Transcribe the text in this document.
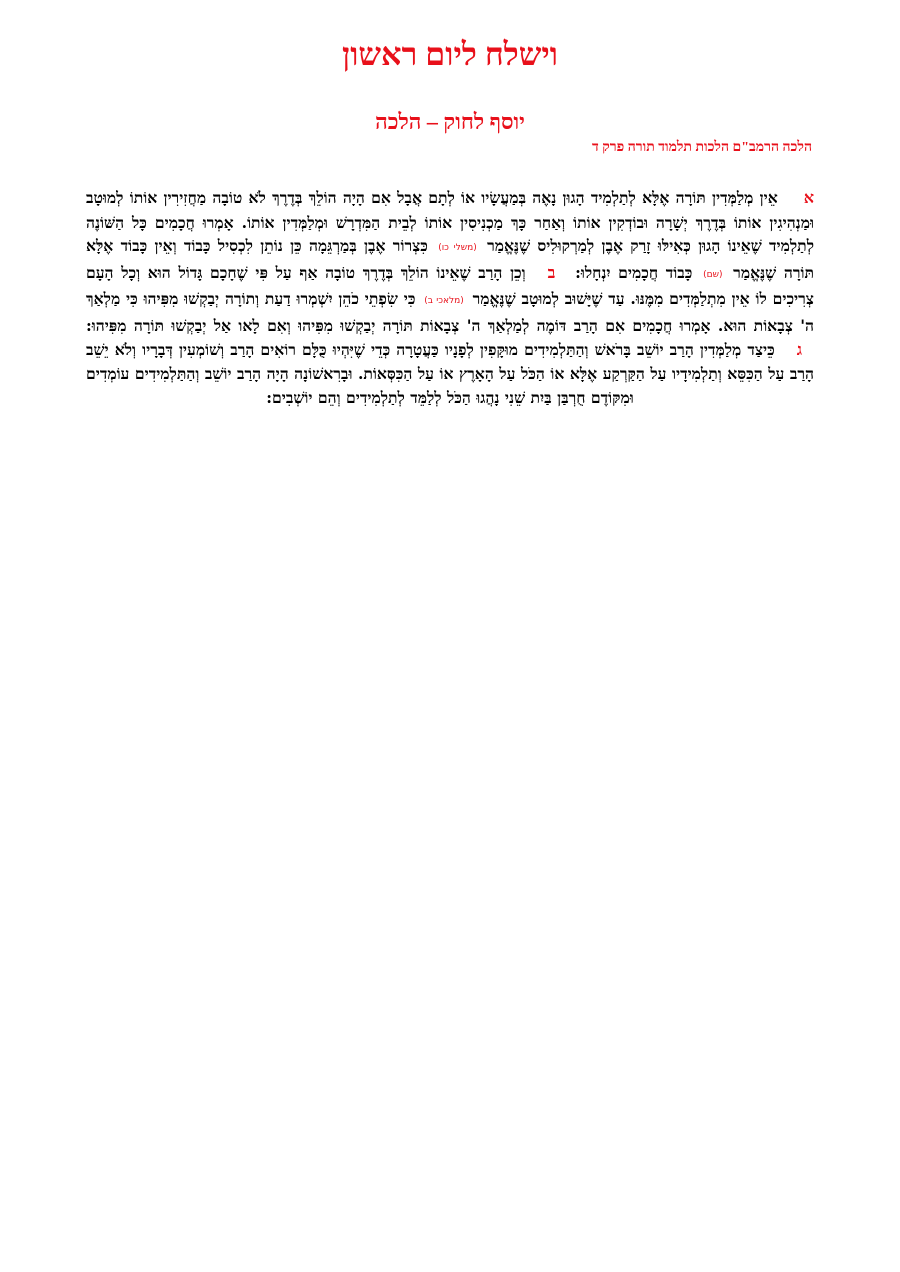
וישלח ליום ראשון
יוסף לחוק – הלכה
הלכה הרמב"ם הלכות תלמוד תורה פרק ד

אאֵין מְלַמְּדִין תּוֹרָה אֶלָּא לְתַלְמִיד הָגוּן נָאֶה בְּמַעֲשָׂיו אוֹ לְתָם אֲבָל אִם הָיָה הוֹלֵךְ בְּדֶרֶךְ לֹא טוֹבָה מַחֲזִירִין אוֹתוֹ לְמוּטָב וּמַנְהִיגִין אוֹתוֹ בְּדֶרֶךְ יְשָׁרָה וּבוֹדְקִין אוֹתוֹ וְאַחַר כָּךְ מַכְנִיסִין אוֹתוֹ לְבֵית הַמִּדְרָשׁ וּמְלַמְּדִין אוֹתוֹ. אָמְרוּ חֲכָמִים כָּל הַשּׁוֹנֶה לְתַלְמִיד שֶׁאֵינוֹ הָגוּן כְּאִילּוּ זָרַק אֶבֶן לְמַרְקוּלִיס שֶׁנֶּאֱמַר (משלי כו) כִּצְרוֹר אֶבֶן בְּמַרְגֵּמָה כֵּן נוֹתֵן לִכְסִיל כָּבוֹד וְאֵין כָּבוֹד אֶלָּא תּוֹרָה שֶׁנֶּאֱמַר (שם) כָּבוֹד חֲכָמִים יִנְחָלוּ: בוְכֵן הָרַב שֶׁאֵינוֹ הוֹלֵךְ בְּדֶרֶךְ טוֹבָה אַף עַל פִּי שֶׁחָכָם גָּדוֹל הוּא וְכָל הָעָם צְרִיכִים לוֹ אֵין מִתְלַמְּדִים מִמֶּנּוּ. עַד שֶׁיָּשׁוּב לְמוּטָב שֶׁנֶּאֱמַר (מלאכי ב) כִּי שִׂפְתֵי כֹהֵן יִשְׁמְרוּ דַעַת וְתוֹרָה יְבַקְשׁוּ מִפִּיהוּ כִּי מַלְאַךְ ה' צְבָאוֹת הוּא. אָמְרוּ חֲכָמִים אִם הָרַב דּוֹמֶה לְמַלְאַךְ ה' צְבָאוֹת תּוֹרָה יְבַקְשׁוּ מִפִּיהוּ וְאִם לָאו אַל יְבַקְשׁוּ תּוֹרָה מִפִּיהוּ: גכֵּיצַד מְלַמְּדִין הָרַב יוֹשֵׁב בָּרֹאשׁ וְהַתַּלְמִידִים מוּקָּפִין לְפָנָיו כַּעֲטָרָה כְּדֵי שֶׁיִּהְיוּ כֻּלָּם רוֹאִים הָרַב וְשׁוֹמְעִין דְּבָרָיו וְלֹא יֵשֵׁב הָרַב עַל הַכִּסֵּא וְתַלְמִידָיו עַל הַקַּרְקַע אֶלָּא אוֹ הַכֹּל עַל הָאָרֶץ אוֹ עַל הַכִּסְּאוֹת. וּבָרִאשׁוֹנָה הָיָה הָרַב יוֹשֵׁב וְהַתַּלְמִידִים עוֹמְדִים וּמִקּוֹדֶם חֻרְבַּן בַּיִת שֵׁנִי נָהֲגוּ הַכֹּל לְלַמֵּד לְתַלְמִידִים וְהֵם יוֹשְׁבִים:
